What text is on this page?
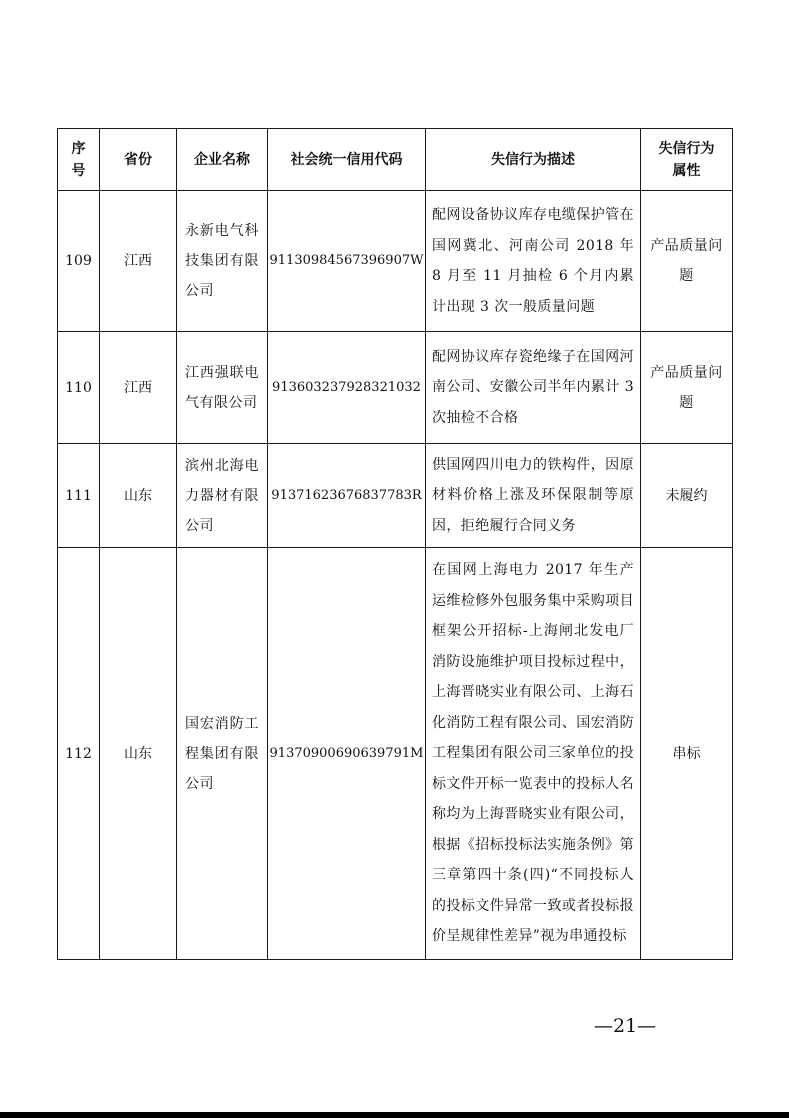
序号	省份	企业名称	社会统一信用代码	失信行为描述	失信行为属性
109	江西	永新电气科技集团有限公司	91130984567396907W	配网设备协议库存电缆保护管在国网冀北、河南公司 2018 年 8 月至 11 月抽检 6 个月内累计出现 3 次一般质量问题	产品质量问题
110	江西	江西强联电气有限公司	91360323792832103​2	配网协议库存瓷绝缘子在国网河南公司、安徽公司半年内累计 3 次抽检不合格	产品质量问题
111	山东	滨州北海电力器材有限公司	91371623676837783R	供国网四川电力的铁构件，因原材料价格上涨及环保限制等原因，拒绝履行合同义务	未履约
112	山东	国宏消防工程集团有限公司	91370900690639791M	在国网上海电力 2017 年生产运维检修外包服务集中采购项目框架公开招标-上海闸北发电厂消防设施维护项目投标过程中，上海晋晓实业有限公司、上海石化消防工程有限公司、国宏消防工程集团有限公司三家单位的投标文件开标一览表中的投标人名称均为上海晋晓实业有限公司，根据《招标投标法实施条例》第三章第四十条(四)“不同投标人的投标文件异常一致或者投标报价呈规律性差异”视为串通投标	串标
—21—
